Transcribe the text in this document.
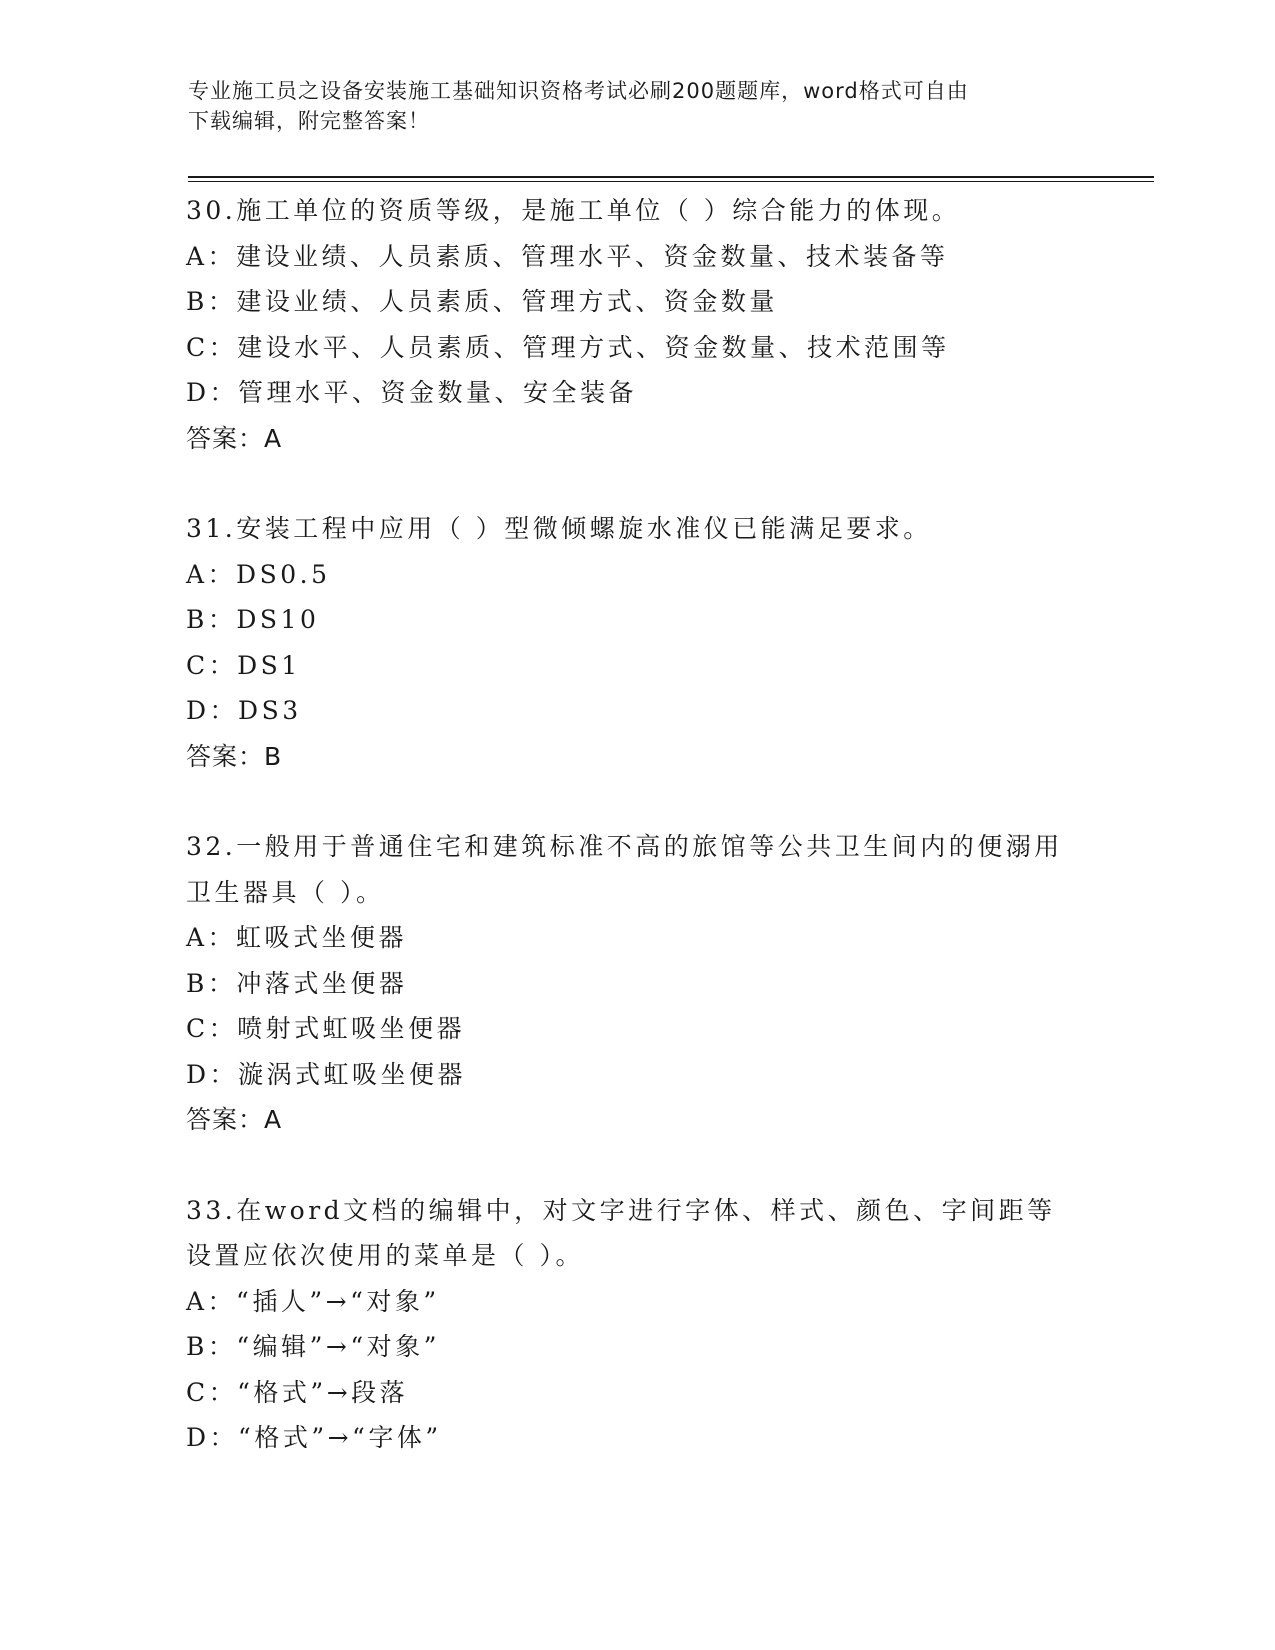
专业施工员之设备安装施工基础知识资格考试必刷200题题库，word格式可自由
下载编辑，附完整答案！
30.施工单位的资质等级，是施工单位（ ）综合能力的体现。
A：建设业绩、人员素质、管理水平、资金数量、技术装备等
B：建设业绩、人员素质、管理方式、资金数量
C：建设水平、人员素质、管理方式、资金数量、技术范围等
D：管理水平、资金数量、安全装备
答案：A
31.安装工程中应用（ ）型微倾螺旋水准仪已能满足要求。
A：DS0.5
B：DS10
C：DS1
D：DS3
答案：B
32.一般用于普通住宅和建筑标准不高的旅馆等公共卫生间内的便溺用
卫生器具（ ）。
A：虹吸式坐便器
B：冲落式坐便器
C：喷射式虹吸坐便器
D：漩涡式虹吸坐便器
答案：A
33.在word文档的编辑中，对文字进行字体、样式、颜色、字间距等
设置应依次使用的菜单是（ ）。
A：“插人”→“对象”
B：“编辑”→“对象”
C：“格式”→段落
D：“格式”→“字体”
